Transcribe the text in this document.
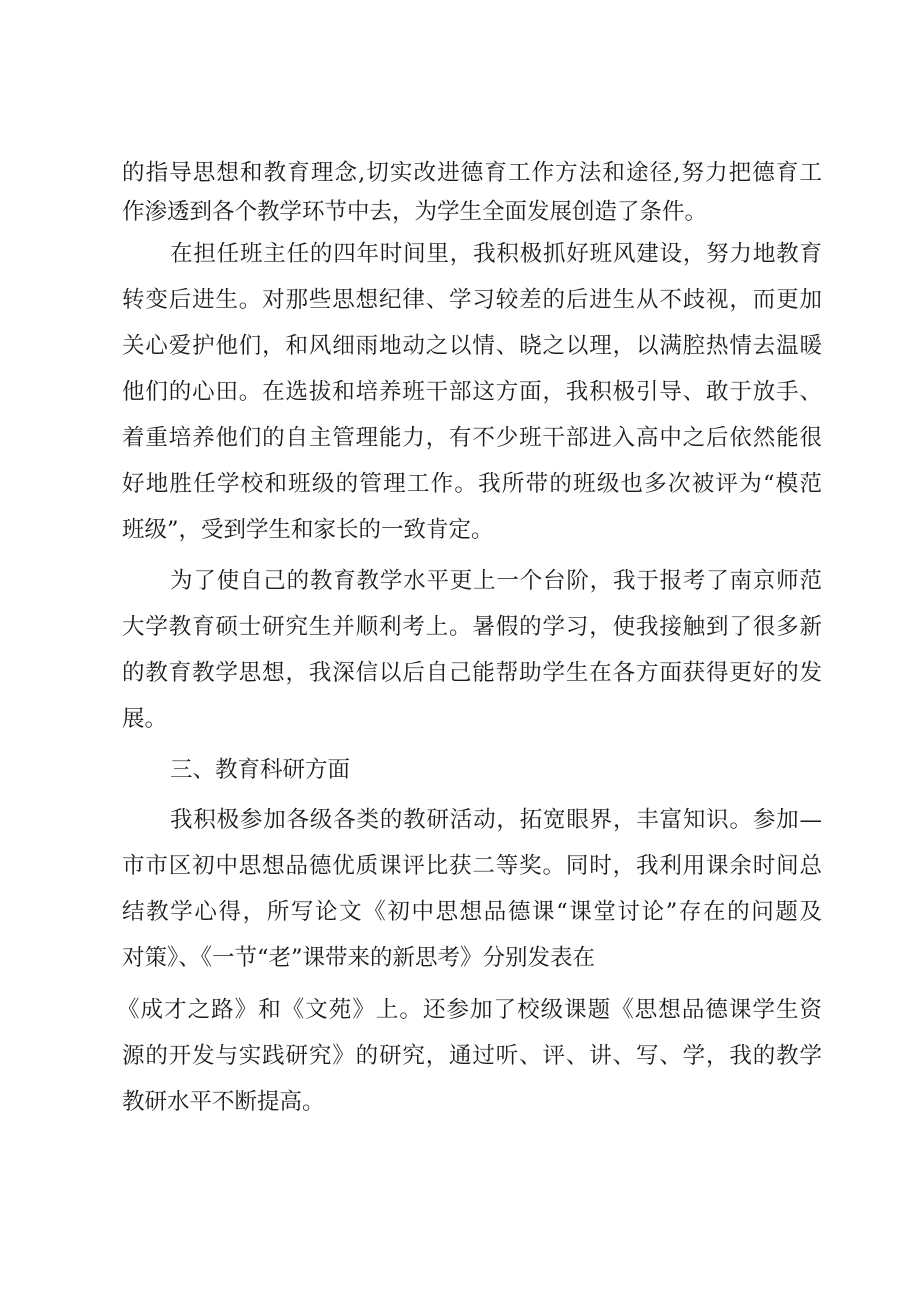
的指导思想和教育理念,切实改进德育工作方法和途径,努力把德育工

作渗透到各个教学环节中去，为学生全面发展创造了条件。

在担任班主任的四年时间里，我积极抓好班风建设，努力地教育

转变后进生。对那些思想纪律、学习较差的后进生从不歧视，而更加

关心爱护他们，和风细雨地动之以情、晓之以理，以满腔热情去温暖

他们的心田。在选拔和培养班干部这方面，我积极引导、敢于放手、

着重培养他们的自主管理能力，有不少班干部进入高中之后依然能很

好地胜任学校和班级的管理工作。我所带的班级也多次被评为“模范

班级”，受到学生和家长的一致肯定。

为了使自己的教育教学水平更上一个台阶，我于报考了南京师范

大学教育硕士研究生并顺利考上。暑假的学习，使我接触到了很多新

的教育教学思想，我深信以后自己能帮助学生在各方面获得更好的发

展。

三、教育科研方面

我积极参加各级各类的教研活动，拓宽眼界，丰富知识。参加—

市市区初中思想品德优质课评比获二等奖。同时，我利用课余时间总

结教学心得，所写论文《初中思想品德课“课堂讨论”存在的问题及

对策》、《一节“老”课带来的新思考》分别发表在

《成才之路》和《文苑》上。还参加了校级课题《思想品德课学生资

源的开发与实践研究》的研究，通过听、评、讲、写、学，我的教学

教研水平不断提高。
